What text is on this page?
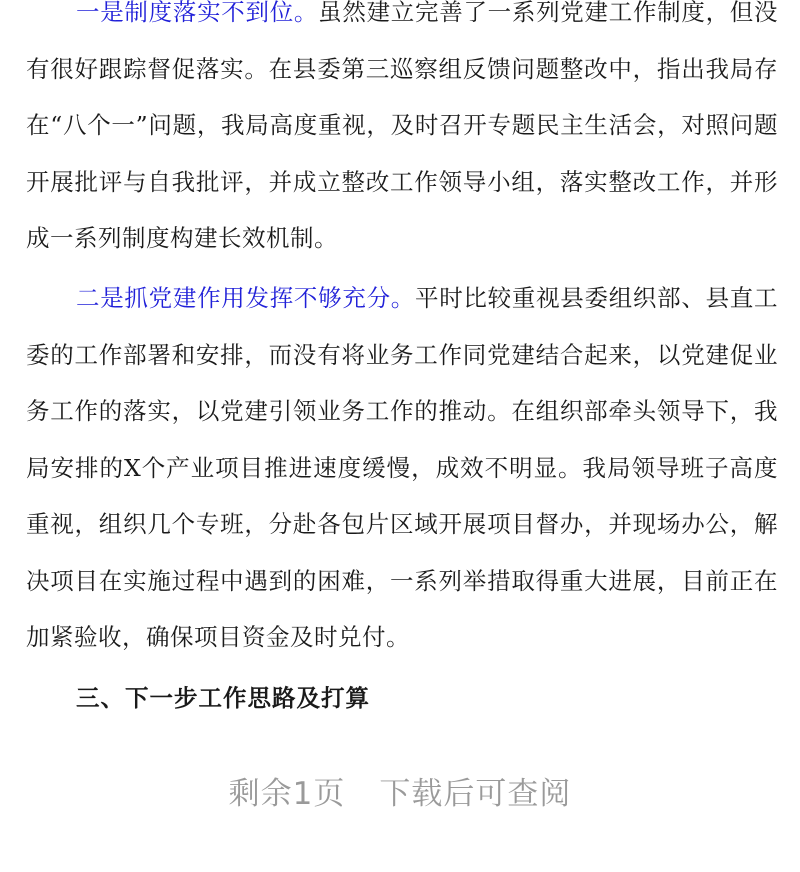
一是制度落实不到位。虽然建立完善了一系列党建工作制度，但没有很好跟踪督促落实。在县委第三巡察组反馈问题整改中，指出我局存在“八个一”问题，我局高度重视，及时召开专题民主生活会，对照问题开展批评与自我批评，并成立整改工作领导小组，落实整改工作，并形成一系列制度构建长效机制。

二是抓党建作用发挥不够充分。平时比较重视县委组织部、县直工委的工作部署和安排，而没有将业务工作同党建结合起来，以党建促业务工作的落实，以党建引领业务工作的推动。在组织部牵头领导下，我局安排的X个产业项目推进速度缓慢，成效不明显。我局领导班子高度重视，组织几个专班，分赴各包片区域开展项目督办，并现场办公，解决项目在实施过程中遇到的困难，一系列举措取得重大进展，目前正在加紧验收，确保项目资金及时兑付。

三、下一步工作思路及打算
剩余1页 下载后可查阅
